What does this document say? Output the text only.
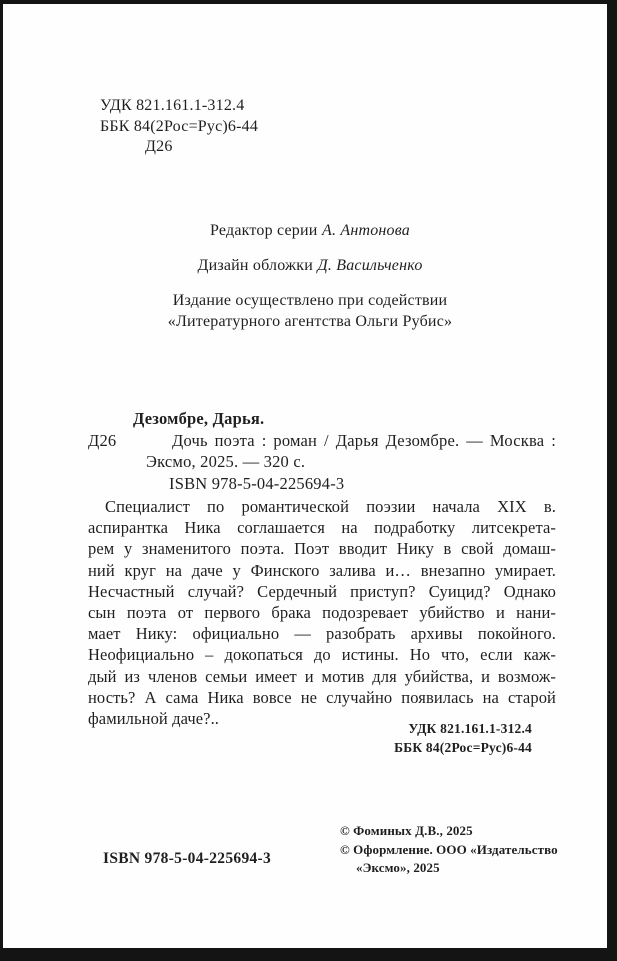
УДК 821.161.1-312.4
ББК 84(2Рос=Рус)6-44
Д26
Редактор серии А. Антонова
Дизайн обложки Д. Васильченко
Издание осуществлено при содействии
«Литературного агентства Ольги Рубис»
Дезомбре, Дарья.
Д26	Дочь поэта : роман / Дарья Дезомбре. — Москва :
Эксмо, 2025. — 320 с.
ISBN 978-5-04-225694-3
Специалист по романтической поэзии начала XIX в.
аспирантка Ника соглашается на подработку литсекрета-
рем у знаменитого поэта. Поэт вводит Нику в свой домаш-
ний круг на даче у Финского залива и… внезапно умирает.
Несчастный случай? Сердечный приступ? Суицид? Однако
сын поэта от первого брака подозревает убийство и нани-
мает Нику: официально — разобрать архивы покойного.
Неофициально – докопаться до истины. Но что, если каж-
дый из членов семьи имеет и мотив для убийства, и возмож-
ность? А сама Ника вовсе не случайно появилась на старой
фамильной даче?..
УДК 821.161.1-312.4
ББК 84(2Рос=Рус)6-44
© Фоминых Д.В., 2025
© Оформление. ООО «Издательство
«Эксмо», 2025
ISBN 978-5-04-225694-3
